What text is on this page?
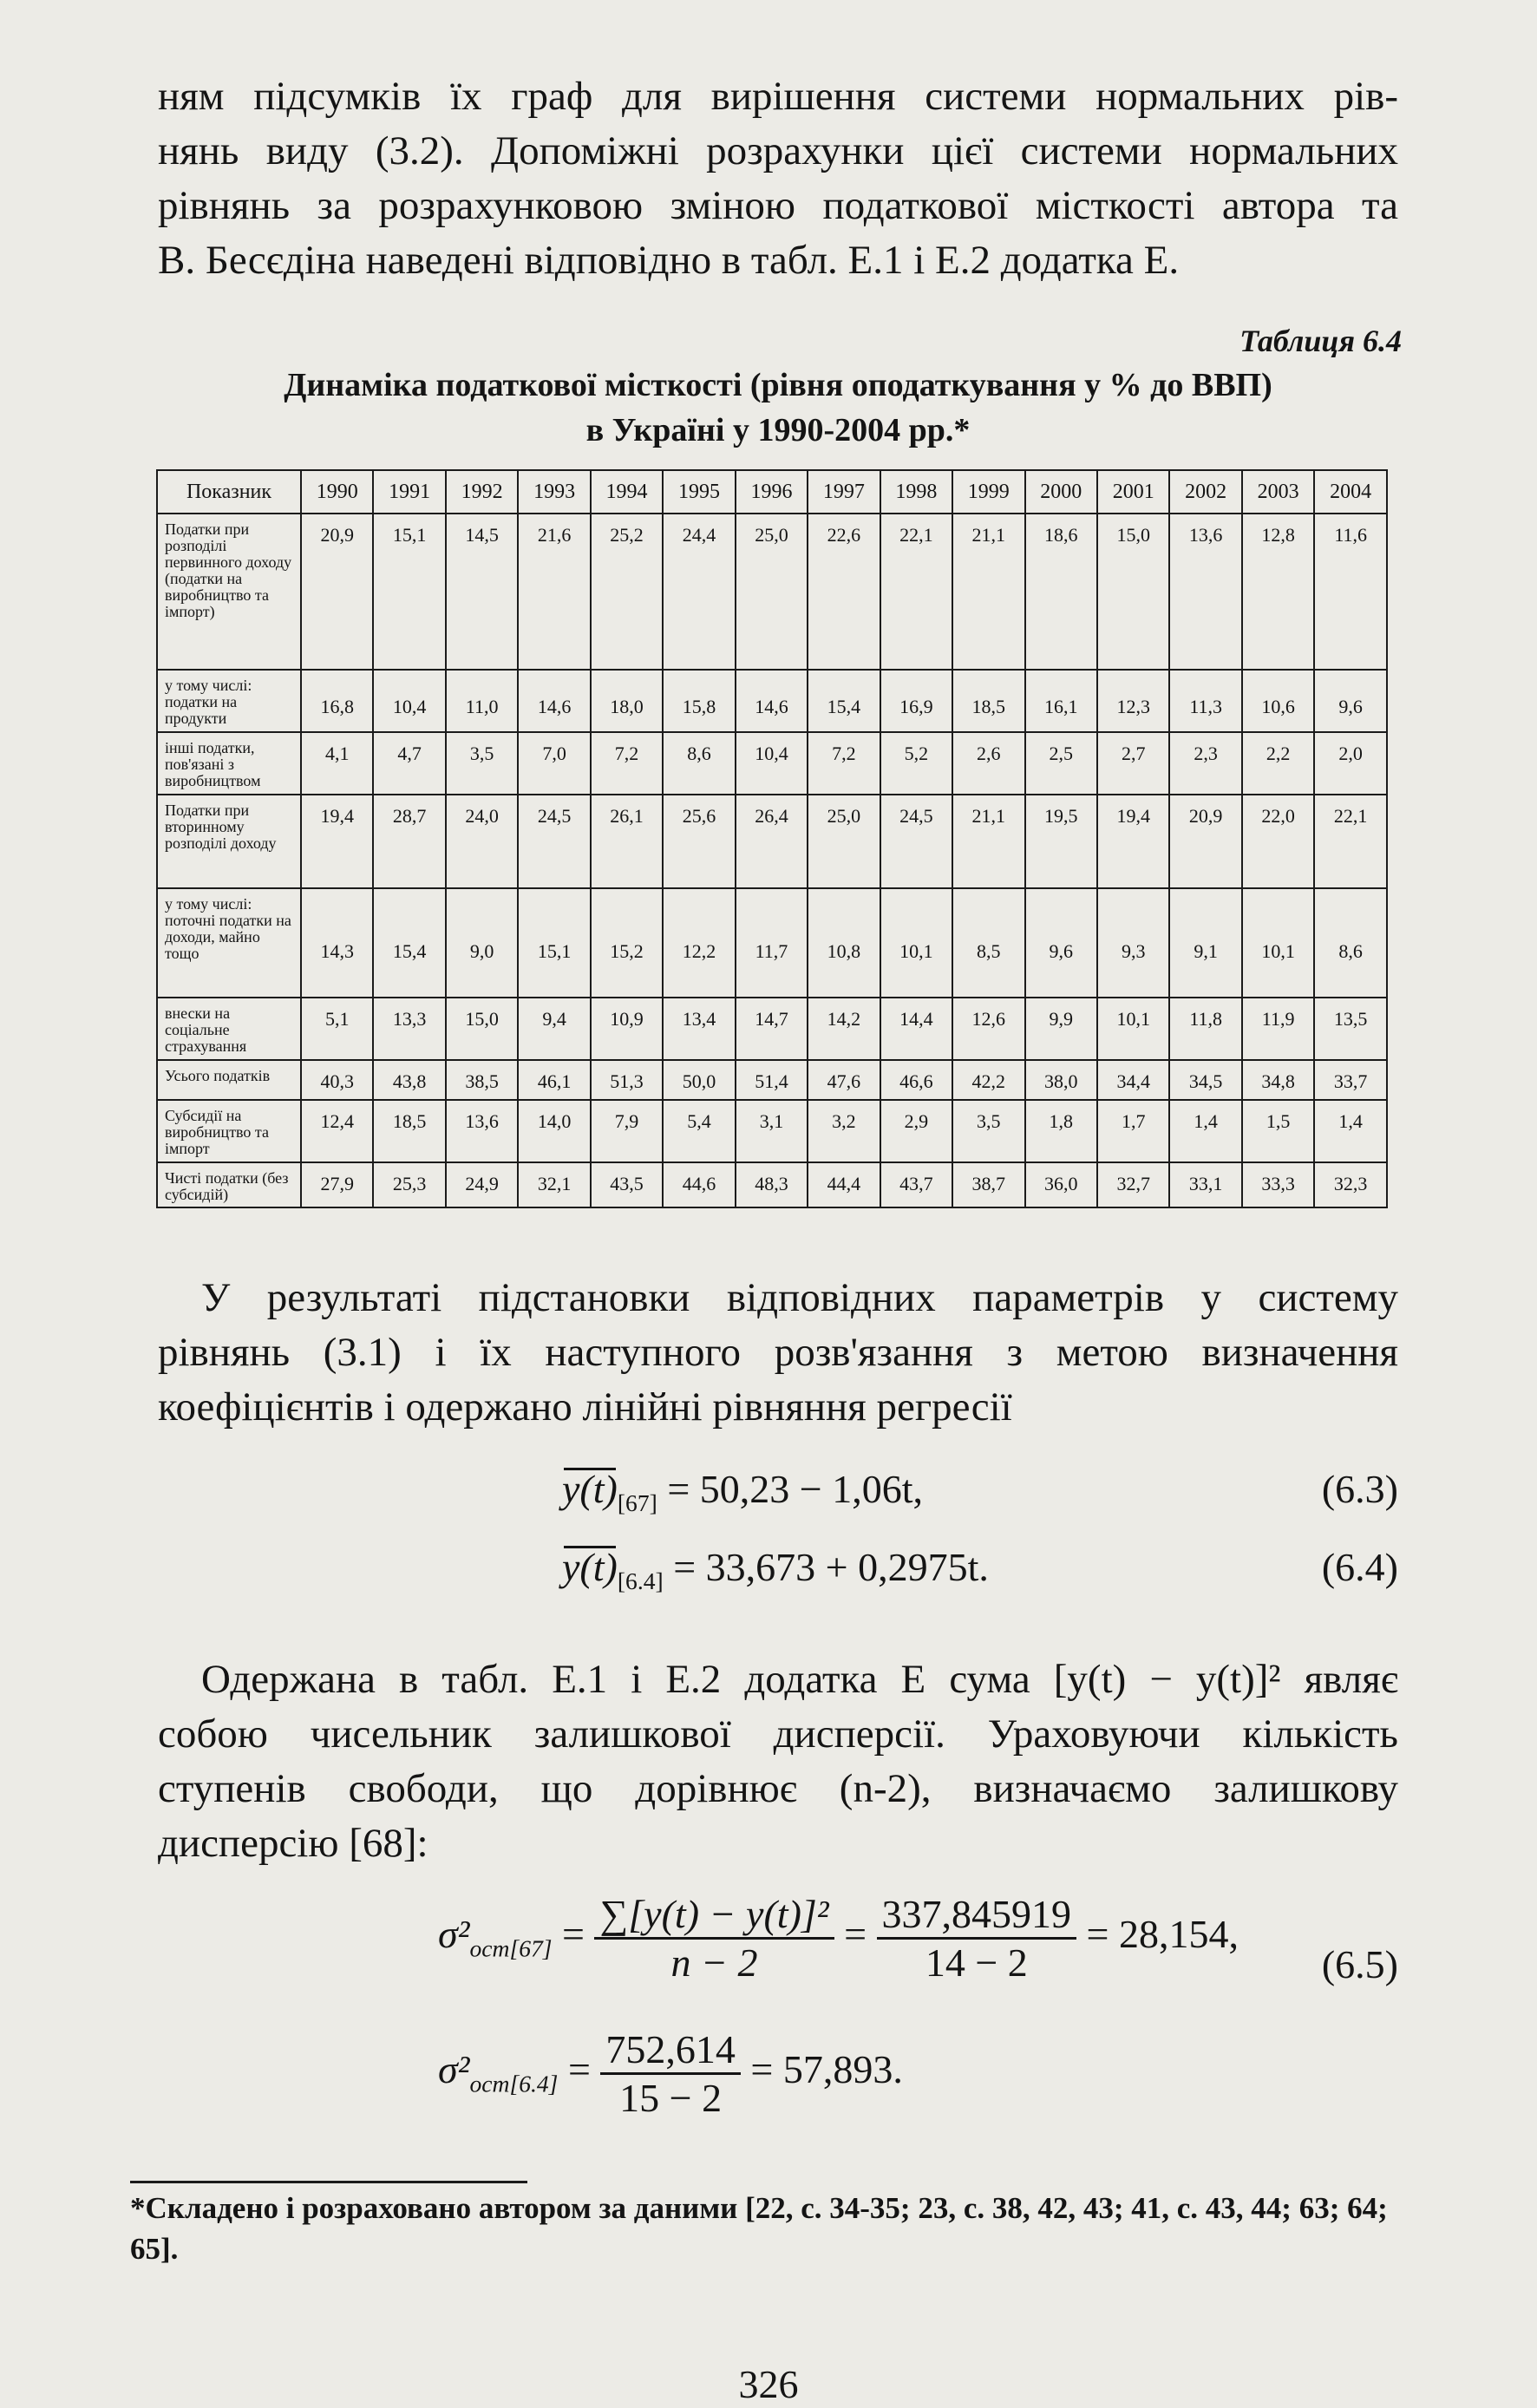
ням підсумків їх граф для вирішення системи нормальних рів-
нянь виду (3.2). Допоміжні розрахунки цієї системи нормальних
рівнянь за розрахунковою зміною податкової місткості автора та
В. Бесєдіна наведені відповідно в табл. Е.1 і Е.2 додатка Е.

Таблиця 6.4
Динаміка податкової місткості (рівня оподаткування у % до ВВП)
в Україні у 1990-2004 рр.*
Показник	1990	1991	1992	1993	1994	1995	1996	1997	1998	1999	2000	2001	2002	2003	2004
Податки при розподілі первинного доходу (податки на виробництво та імпорт)	20,9	15,1	14,5	21,6	25,2	24,4	25,0	22,6	22,1	21,1	18,6	15,0	13,6	12,8	11,6
у тому числі: податки на продукти	16,8	10,4	11,0	14,6	18,0	15,8	14,6	15,4	16,9	18,5	16,1	12,3	11,3	10,6	9,6
інші податки, пов'язані з виробництвом	4,1	4,7	3,5	7,0	7,2	8,6	10,4	7,2	5,2	2,6	2,5	2,7	2,3	2,2	2,0
Податки при вторинному розподілі доходу	19,4	28,7	24,0	24,5	26,1	25,6	26,4	25,0	24,5	21,1	19,5	19,4	20,9	22,0	22,1
у тому числі: поточні податки на доходи, майно тощо	14,3	15,4	9,0	15,1	15,2	12,2	11,7	10,8	10,1	8,5	9,6	9,3	9,1	10,1	8,6
внески на соціальне страхування	5,1	13,3	15,0	9,4	10,9	13,4	14,7	14,2	14,4	12,6	9,9	10,1	11,8	11,9	13,5
Усього податків	40,3	43,8	38,5	46,1	51,3	50,0	51,4	47,6	46,6	42,2	38,0	34,4	34,5	34,8	33,7
Субсидії на виробництво та імпорт	12,4	18,5	13,6	14,0	7,9	5,4	3,1	3,2	2,9	3,5	1,8	1,7	1,4	1,5	1,4
Чисті податки (без субсидій)	27,9	25,3	24,9	32,1	43,5	44,6	48,3	44,4	43,7	38,7	36,0	32,7	33,1	33,3	32,3

У результаті підстановки відповідних параметрів у систему
рівнянь (3.1) і їх наступного розв'язання з метою визначення
коефіцієнтів і одержано лінійні рівняння регресії

$y(t)_{[67]} = 50,23 - 1,06t$,	(6.3)
$y(t)_{[6.4]} = 33,673 + 0,2975t$.	(6.4)

Одержана в табл. Е.1 і Е.2 додатка Е сума [y(t) − y(t)]² являє
собою чисельник залишкової дисперсії. Ураховуючи кількість
ступенів свободи, що дорівнює (n-2), визначаємо залишкову
дисперсію [68]:

$\sigma^2_{ост[67]} = \frac{\text{∑[y(t) − y(t)]²}}{n - 2} = \frac{337,845919}{14 - 2} = 28,154$,
(6.5)
$\sigma^2_{ост[6.4]} = \frac{752,614}{15 - 2} = 57,893$.
*Складено і розраховано автором за даними [22, с. 34-35; 23, с. 38, 42, 43; 41, с. 43, 44; 63; 64; 65].
326
